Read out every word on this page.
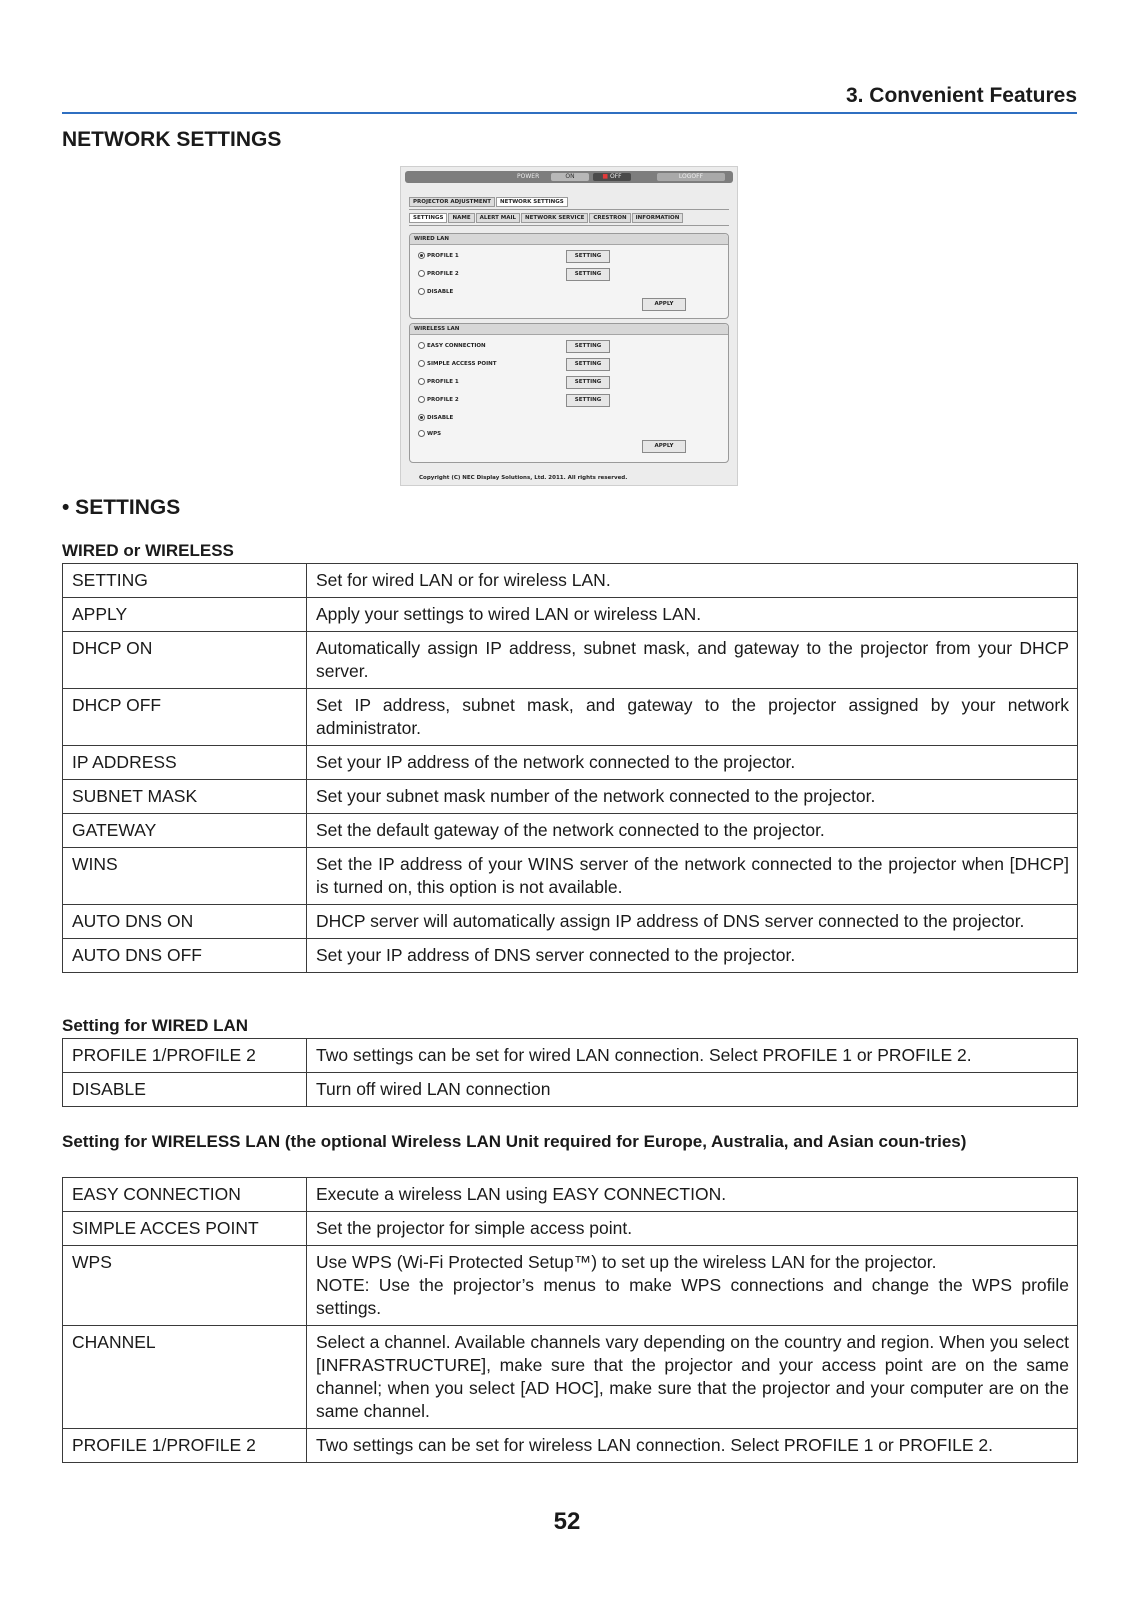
3. Convenient Features
NETWORK SETTINGS
POWER	ON	■ OFF	LOGOFF
PROJECTOR ADJUSTMENT	NETWORK SETTINGS
SETTINGS	NAME	ALERT MAIL	NETWORK SERVICE	CRESTRON	INFORMATION
WIRED LAN
PROFILE 1
PROFILE 2
DISABLE
SETTING
SETTING
APPLY
WIRELESS LAN
EASY CONNECTION
SIMPLE ACCESS POINT
PROFILE 1
PROFILE 2
DISABLE
WPS
SETTING
SETTING
SETTING
SETTING
APPLY
Copyright (C) NEC Display Solutions, Ltd. 2011. All rights reserved.
• SETTINGS
WIRED or WIRELESS
SETTING	Set for wired LAN or for wireless LAN.
APPLY	Apply your settings to wired LAN or wireless LAN.
DHCP ON	Automatically assign IP address, subnet mask, and gateway to the projector from your DHCP server.
DHCP OFF	Set IP address, subnet mask, and gateway to the projector assigned by your network administrator.
IP ADDRESS	Set your IP address of the network connected to the projector.
SUBNET MASK	Set your subnet mask number of the network connected to the projector.
GATEWAY	Set the default gateway of the network connected to the projector.
WINS	Set the IP address of your WINS server of the network connected to the projector when [DHCP] is turned on, this option is not available.
AUTO DNS ON	DHCP server will automatically assign IP address of DNS server connected to the projector.
AUTO DNS OFF	Set your IP address of DNS server connected to the projector.
Setting for WIRED LAN
PROFILE 1/PROFILE 2	Two settings can be set for wired LAN connection. Select PROFILE 1 or PROFILE 2.
DISABLE	Turn off wired LAN connection
Setting for WIRELESS LAN (the optional Wireless LAN Unit required for Europe, Australia, and Asian coun-tries)
EASY CONNECTION	Execute a wireless LAN using EASY CONNECTION.
SIMPLE ACCES POINT	Set the projector for simple access point.
WPS	Use WPS (Wi-Fi Protected Setup™) to set up the wireless LAN for the projector.
NOTE: Use the projector’s menus to make WPS connections and change the WPS profile settings.

CHANNEL	Select a channel. Available channels vary depending on the country and region. When you select [INFRASTRUCTURE], make sure that the projector and your access point are on the same channel; when you select [AD HOC], make sure that the projector and your computer are on the same channel.
PROFILE 1/PROFILE 2	Two settings can be set for wireless LAN connection. Select PROFILE 1 or PROFILE 2.
52
